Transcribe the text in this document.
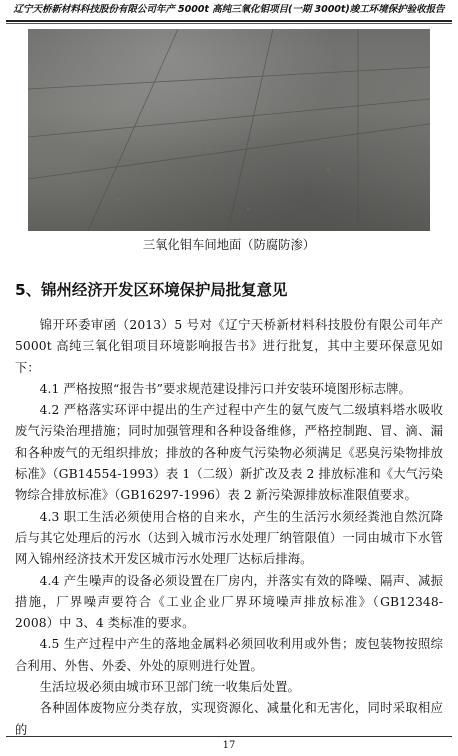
辽宁天桥新材料科技股份有限公司年产 5000t 高纯三氧化钼项目(一期 3000t)竣工环境保护验收报告
三氧化钼车间地面（防腐防渗）
5、锦州经济开发区环境保护局批复意见

锦开环委审函（2013）5 号对《辽宁天桥新材料科技股份有限公司年产 5000t 高纯三氧化钼项目环境影响报告书》进行批复，其中主要环保意见如下：

4.1 严格按照“报告书”要求规范建设排污口并安装环境图形标志牌。

4.2 严格落实环评中提出的生产过程中产生的氨气废气二级填料塔水吸收废气污染治理措施；同时加强管理和各种设备维修，严格控制跑、冒、滴、漏和各种废气的无组织排放；排放的各种废气污染物必须满足《恶臭污染物排放标准》（GB14554-1993）表 1（二级）新扩改及表 2 排放标准和《大气污染物综合排放标准》（GB16297-1996）表 2 新污染源排放标准限值要求。

4.3 职工生活必须使用合格的自来水，产生的生活污水须经粪池自然沉降后与其它处理后的污水（达到入城市污水处理厂纳管限值）一同由城市下水管网入锦州经济技术开发区城市污水处理厂达标后排海。

4.4 产生噪声的设备必须设置在厂房内，并落实有效的降噪、隔声、减振措施，厂界噪声要符合《工业企业厂界环境噪声排放标准》（GB12348-2008）中 3、4 类标准的要求。

4.5 生产过程中产生的落地金属料必须回收利用或外售；废包装物按照综合利用、外售、外委、外处的原则进行处置。

生活垃圾必须由城市环卫部门统一收集后处置。

各种固体废物应分类存放，实现资源化、减量化和无害化，同时采取相应的

17
